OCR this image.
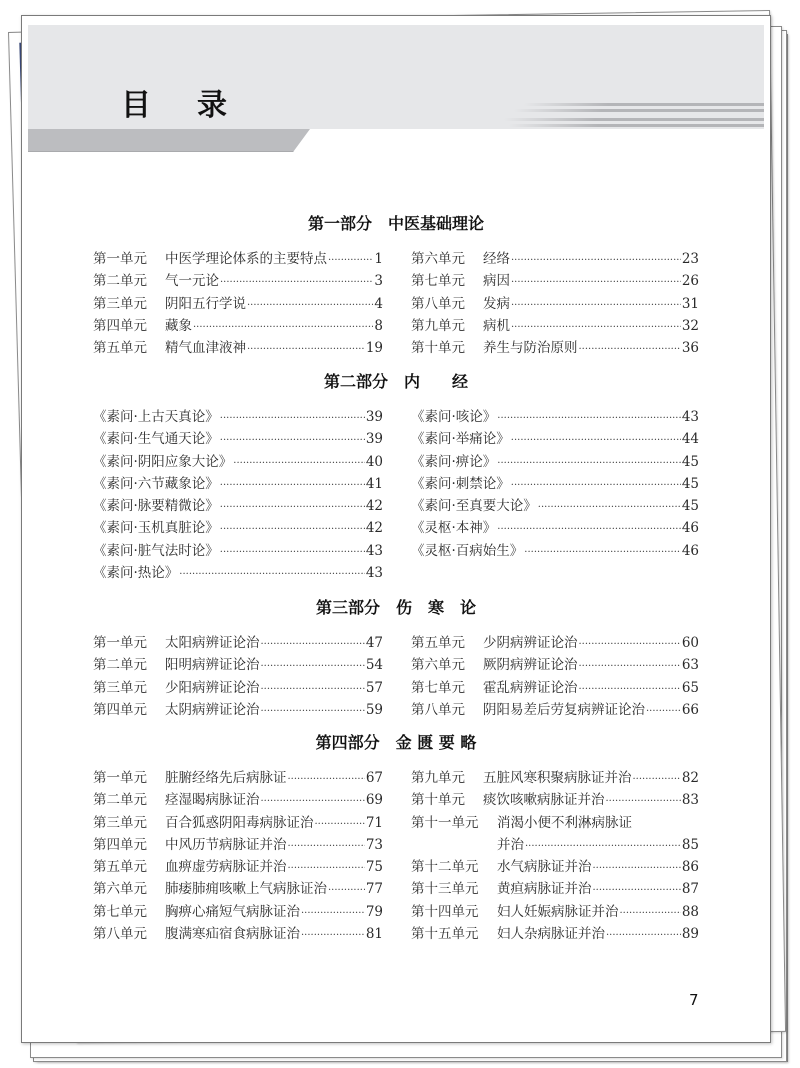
目录
第一部分　中医基础理论
第一单元	中医学理论体系的主要特点 ·····	1
第二单元	气一元论 ·····	3
第三单元	阴阳五行学说 ·····	4
第四单元	藏象 ·····	8
第五单元	精气血津液神 ·····	19
第六单元	经络 ·····	23
第七单元	病因 ·····	26
第八单元	发病 ·····	31
第九单元	病机 ·····	32
第十单元	养生与防治原则 ·····	36
第二部分　内　　经
《素问·上古天真论》 ·····	39
《素问·生气通天论》 ·····	39
《素问·阴阳应象大论》 ·····	40
《素问·六节藏象论》 ·····	41
《素问·脉要精微论》 ·····	42
《素问·玉机真脏论》 ·····	42
《素问·脏气法时论》 ·····	43
《素问·热论》 ·····	43
《素问·咳论》 ·····	43
《素问·举痛论》 ·····	44
《素问·痹论》 ·····	45
《素问·刺禁论》 ·····	45
《素问·至真要大论》 ·····	45
《灵枢·本神》 ·····	46
《灵枢·百病始生》 ·····	46
第三部分　伤　寒　论
第一单元	太阳病辨证论治 ·····	47
第二单元	阳明病辨证论治 ·····	54
第三单元	少阳病辨证论治 ·····	57
第四单元	太阴病辨证论治 ·····	59
第五单元	少阴病辨证论治 ·····	60
第六单元	厥阴病辨证论治 ·····	63
第七单元	霍乱病辨证论治 ·····	65
第八单元	阴阳易差后劳复病辨证论治 ·····	66
第四部分　金 匮 要 略
第一单元	脏腑经络先后病脉证 ·····	67
第二单元	痉湿暍病脉证治 ·····	69
第三单元	百合狐惑阴阳毒病脉证治 ·····	71
第四单元	中风历节病脉证并治 ·····	73
第五单元	血痹虚劳病脉证并治 ·····	75
第六单元	肺痿肺痈咳嗽上气病脉证治 ·····	77
第七单元	胸痹心痛短气病脉证治 ·····	79
第八单元	腹满寒疝宿食病脉证治 ·····	81
第九单元	五脏风寒积聚病脉证并治 ·····	82
第十单元	痰饮咳嗽病脉证并治 ·····	83
第十一单元	消渴小便不利淋病脉证
并治 ·····	85
第十二单元	水气病脉证并治 ·····	86
第十三单元	黄疸病脉证并治 ·····	87
第十四单元	妇人妊娠病脉证并治 ·····	88
第十五单元	妇人杂病脉证并治 ·····	89
7
